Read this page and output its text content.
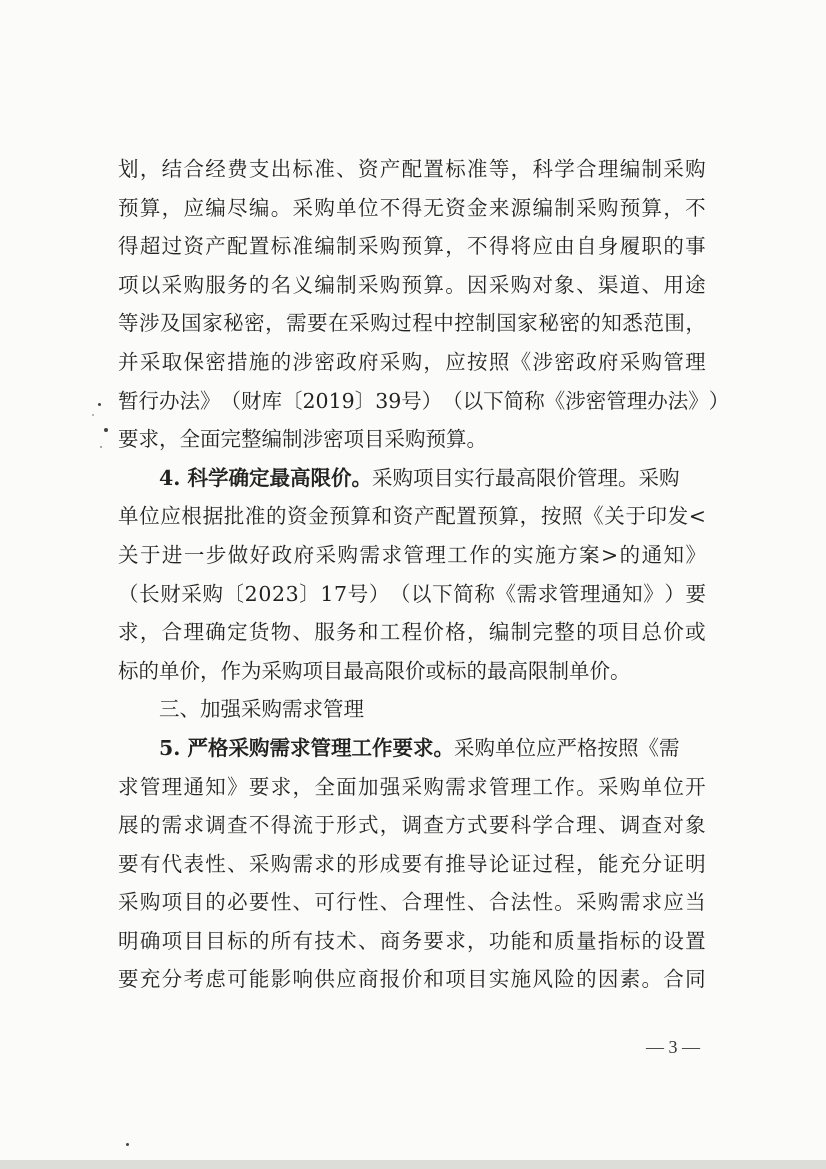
划 ， 结 合 经 费 支 出 标 准 、 资 产 配 置 标 准 等 ， 科 学 合 理 编 制 采 购
预 算 ， 应 编 尽 编 。 采 购 单 位 不 得 无 资 金 来 源 编 制 采 购 预 算 ， 不
得 超 过 资 产 配 置 标 准 编 制 采 购 预 算 ， 不 得 将 应 由 自 身 履 职 的 事
项 以 采 购 服 务 的 名 义 编 制 采 购 预 算 。 因 采 购 对 象 、 渠 道 、 用 途
等 涉 及 国 家 秘 密 ， 需 要 在 采 购 过 程 中 控 制 国 家 秘 密 的 知 悉 范 围 ，
并 采 取 保 密 措 施 的 涉 密 政 府 采 购 ， 应 按 照 《 涉 密 政 府 采 购 管 理
暂 行 办 法 》 （ 财 库 〔 2 0 1 9 〕 3 9 号 ） （ 以 下 简 称 《 涉 密 管 理 办 法 》 ）
要求，全面完整编制涉密项目采购预算。
4. 科学确定最高限价。 采购项目实行最高限价管理。采购
单 位 应 根 据 批 准 的 资 金 预 算 和 资 产 配 置 预 算 ， 按 照 《 关 于 印 发 <
关 于 进 一 步 做 好 政 府 采 购 需 求 管 理 工 作 的 实 施 方 案 > 的 通 知 》
（ 长 财 采 购 〔 2 0 2 3 〕 1 7 号 ） （ 以 下 简 称 《 需 求 管 理 通 知 》 ） 要
求 ， 合 理 确 定 货 物 、 服 务 和 工 程 价 格 ， 编 制 完 整 的 项 目 总 价 或
标的单价，作为采购项目最高限价或标的最高限制单价。
三、加强采购需求管理
5. 严格采购需求管理工作要求。 采购单位应严格按照《需
求 管 理 通 知 》 要 求 ， 全 面 加 强 采 购 需 求 管 理 工 作 。 采 购 单 位 开
展 的 需 求 调 查 不 得 流 于 形 式 ， 调 查 方 式 要 科 学 合 理 、 调 查 对 象
要 有 代 表 性 、 采 购 需 求 的 形 成 要 有 推 导 论 证 过 程 ， 能 充 分 证 明
采 购 项 目 的 必 要 性 、 可 行 性 、 合 理 性 、 合 法 性 。 采 购 需 求 应 当
明 确 项 目 目 标 的 所 有 技 术 、 商 务 要 求 ， 功 能 和 质 量 指 标 的 设 置
要 充 分 考 虑 可 能 影 响 供 应 商 报 价 和 项 目 实 施 风 险 的 因 素 。 合 同
— 3 —
